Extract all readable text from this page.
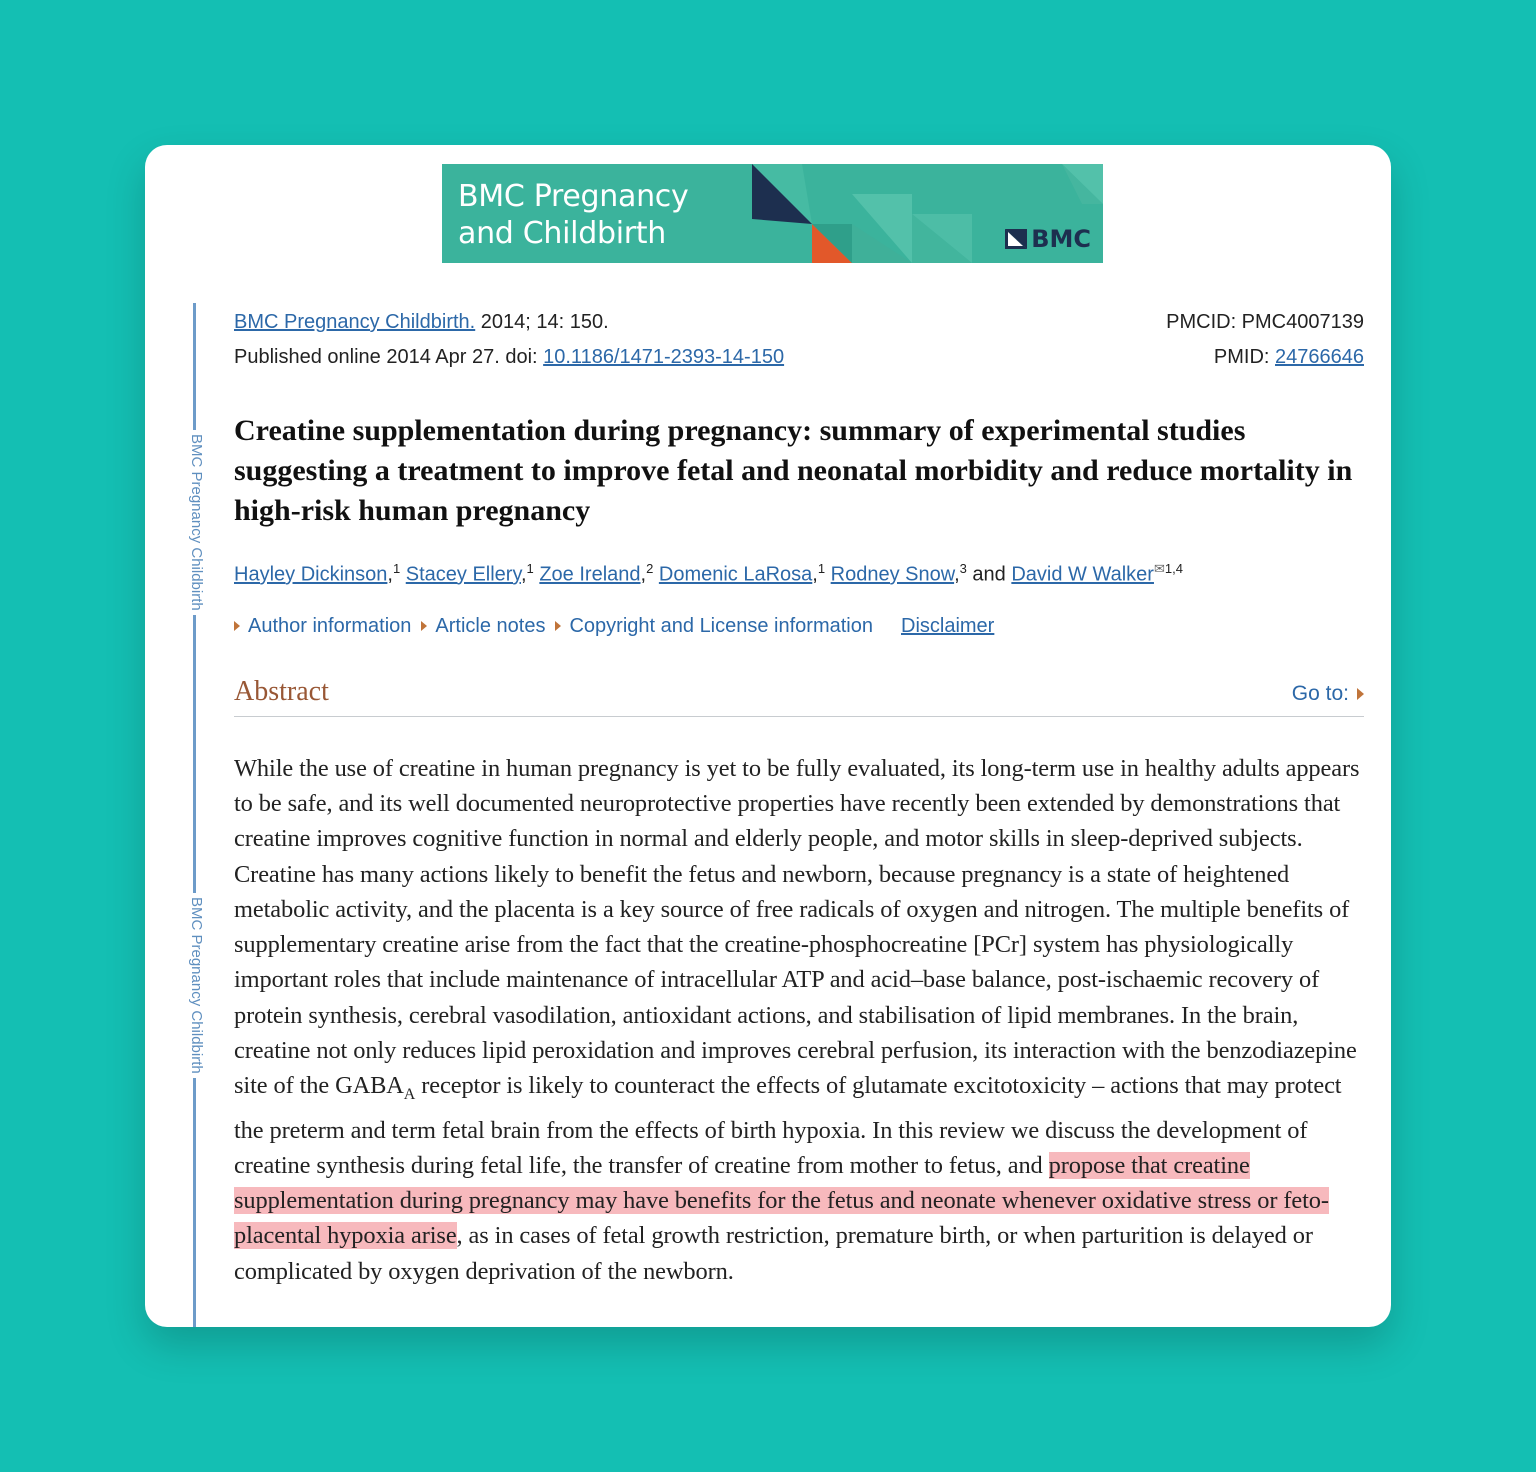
BMC Pregnancy
and Childbirth	BMC
BMC Pregnancy Childbirth
BMC Pregnancy Childbirth
BMC Pregnancy Childbirth. 2014; 14: 150.	PMCID: PMC4007139
Published online 2014 Apr 27. doi: 10.1186/1471-2393-14-150	PMID: 24766646
Creatine supplementation during pregnancy: summary of experimental studies suggesting a treatment to improve fetal and neonatal morbidity and reduce mortality in high-risk human pregnancy
Hayley Dickinson,$^1$ Stacey Ellery,$^1$ Zoe Ireland,$^2$ Domenic LaRosa,$^1$ Rodney Snow,$^3$ and David W Walker$^{✉1,4}$
Author information Article notes Copyright and License information Disclaimer
Abstract	Go to:

While the use of creatine in human pregnancy is yet to be fully evaluated, its long-term use in healthy adults appears to be safe, and its well documented neuroprotective properties have recently been extended by demonstrations that creatine improves cognitive function in normal and elderly people, and motor skills in sleep-deprived subjects. Creatine has many actions likely to benefit the fetus and newborn, because pregnancy is a state of heightened metabolic activity, and the placenta is a key source of free radicals of oxygen and nitrogen. The multiple benefits of supplementary creatine arise from the fact that the creatine-phosphocreatine [PCr] system has physiologically important roles that include maintenance of intracellular ATP and acid–base balance, post-ischaemic recovery of protein synthesis, cerebral vasodilation, antioxidant actions, and stabilisation of lipid membranes. In the brain, creatine not only reduces lipid peroxidation and improves cerebral perfusion, its interaction with the benzodiazepine site of the $GABA_A$ receptor is likely to counteract the effects of glutamate excitotoxicity – actions that may protect the preterm and term fetal brain from the effects of birth hypoxia. In this review we discuss the development of creatine synthesis during fetal life, the transfer of creatine from mother to fetus, and propose that creatine supplementation during pregnancy may have benefits for the fetus and neonate whenever oxidative stress or feto-placental hypoxia arise, as in cases of fetal growth restriction, premature birth, or when parturition is delayed or complicated by oxygen deprivation of the newborn.
